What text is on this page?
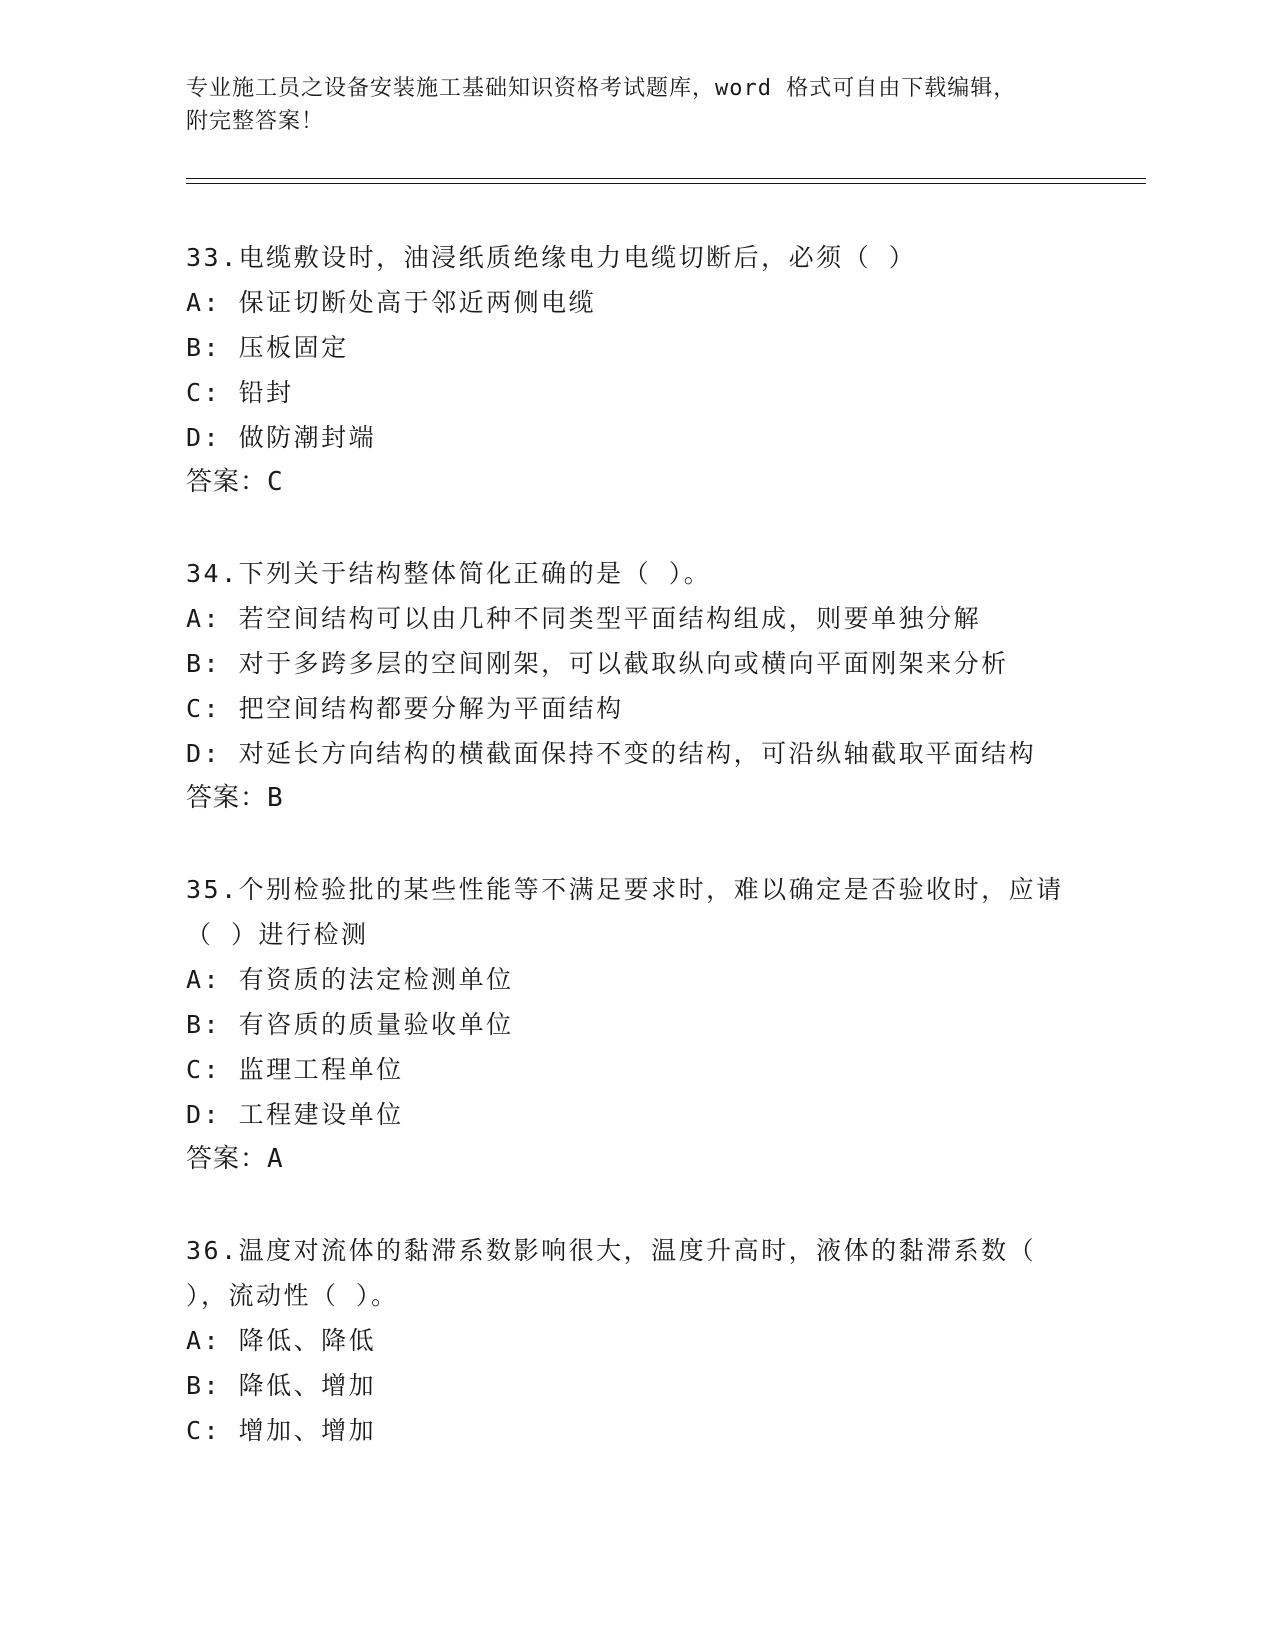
专业施工员之设备安装施工基础知识资格考试题库，word 格式可自由下载编辑，
附完整答案！
33.电缆敷设时，油浸纸质绝缘电力电缆切断后，必须（ ）
A: 保证切断处高于邻近两侧电缆
B: 压板固定
C: 铅封
D: 做防潮封端
答案：C
34.下列关于结构整体简化正确的是（ ）。
A: 若空间结构可以由几种不同类型平面结构组成，则要单独分解
B: 对于多跨多层的空间刚架，可以截取纵向或横向平面刚架来分析
C: 把空间结构都要分解为平面结构
D: 对延长方向结构的横截面保持不变的结构，可沿纵轴截取平面结构
答案：B
35.个别检验批的某些性能等不满足要求时，难以确定是否验收时，应请（ ）进行检测
A: 有资质的法定检测单位
B: 有咨质的质量验收单位
C: 监理工程单位
D: 工程建设单位
答案：A
36.温度对流体的黏滞系数影响很大，温度升高时，液体的黏滞系数（ ），流动性（ ）。
A: 降低、降低
B: 降低、增加
C: 增加、增加
